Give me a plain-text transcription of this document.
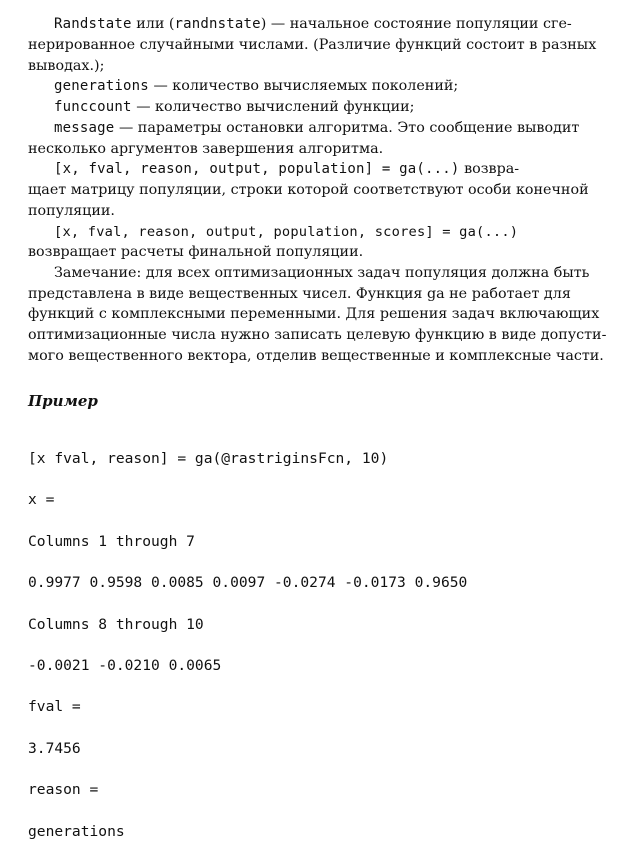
Randstate или (randnstate) — начальное состояние популяции сге-
нерированное случайными числами. (Различие функций состоит в разных
выводах.);
generations — количество вычисляемых поколений;
funccount — количество вычислений функции;
message — параметры остановки алгоритма. Это сообщение выводит
несколько аргументов завершения алгоритма.
[x, fval, reason, output, population] = ga(...) возвра-
щает матрицу популяции, строки которой соответствуют особи конечной
популяции.
[x, fval, reason, output, population, scores] = ga(...)
возвращает расчеты финальной популяции.
Замечание: для всех оптимизационных задач популяция должна быть
представлена в виде вещественных чисел. Функция ga не работает для
функций с комплексными переменными. Для решения задач включающих
оптимизационные числа нужно записать целевую функцию в виде допусти-
мого вещественного вектора, отделив вещественные и комплексные части.
Пример
[x fval, reason] = ga(@rastriginsFcn, 10)
x =
Columns 1 through 7
0.9977 0.9598 0.0085 0.0097 -0.0274 -0.0173 0.9650
Columns 8 through 10
-0.0021 -0.0210 0.0065
fval =
3.7456
reason =
generations
